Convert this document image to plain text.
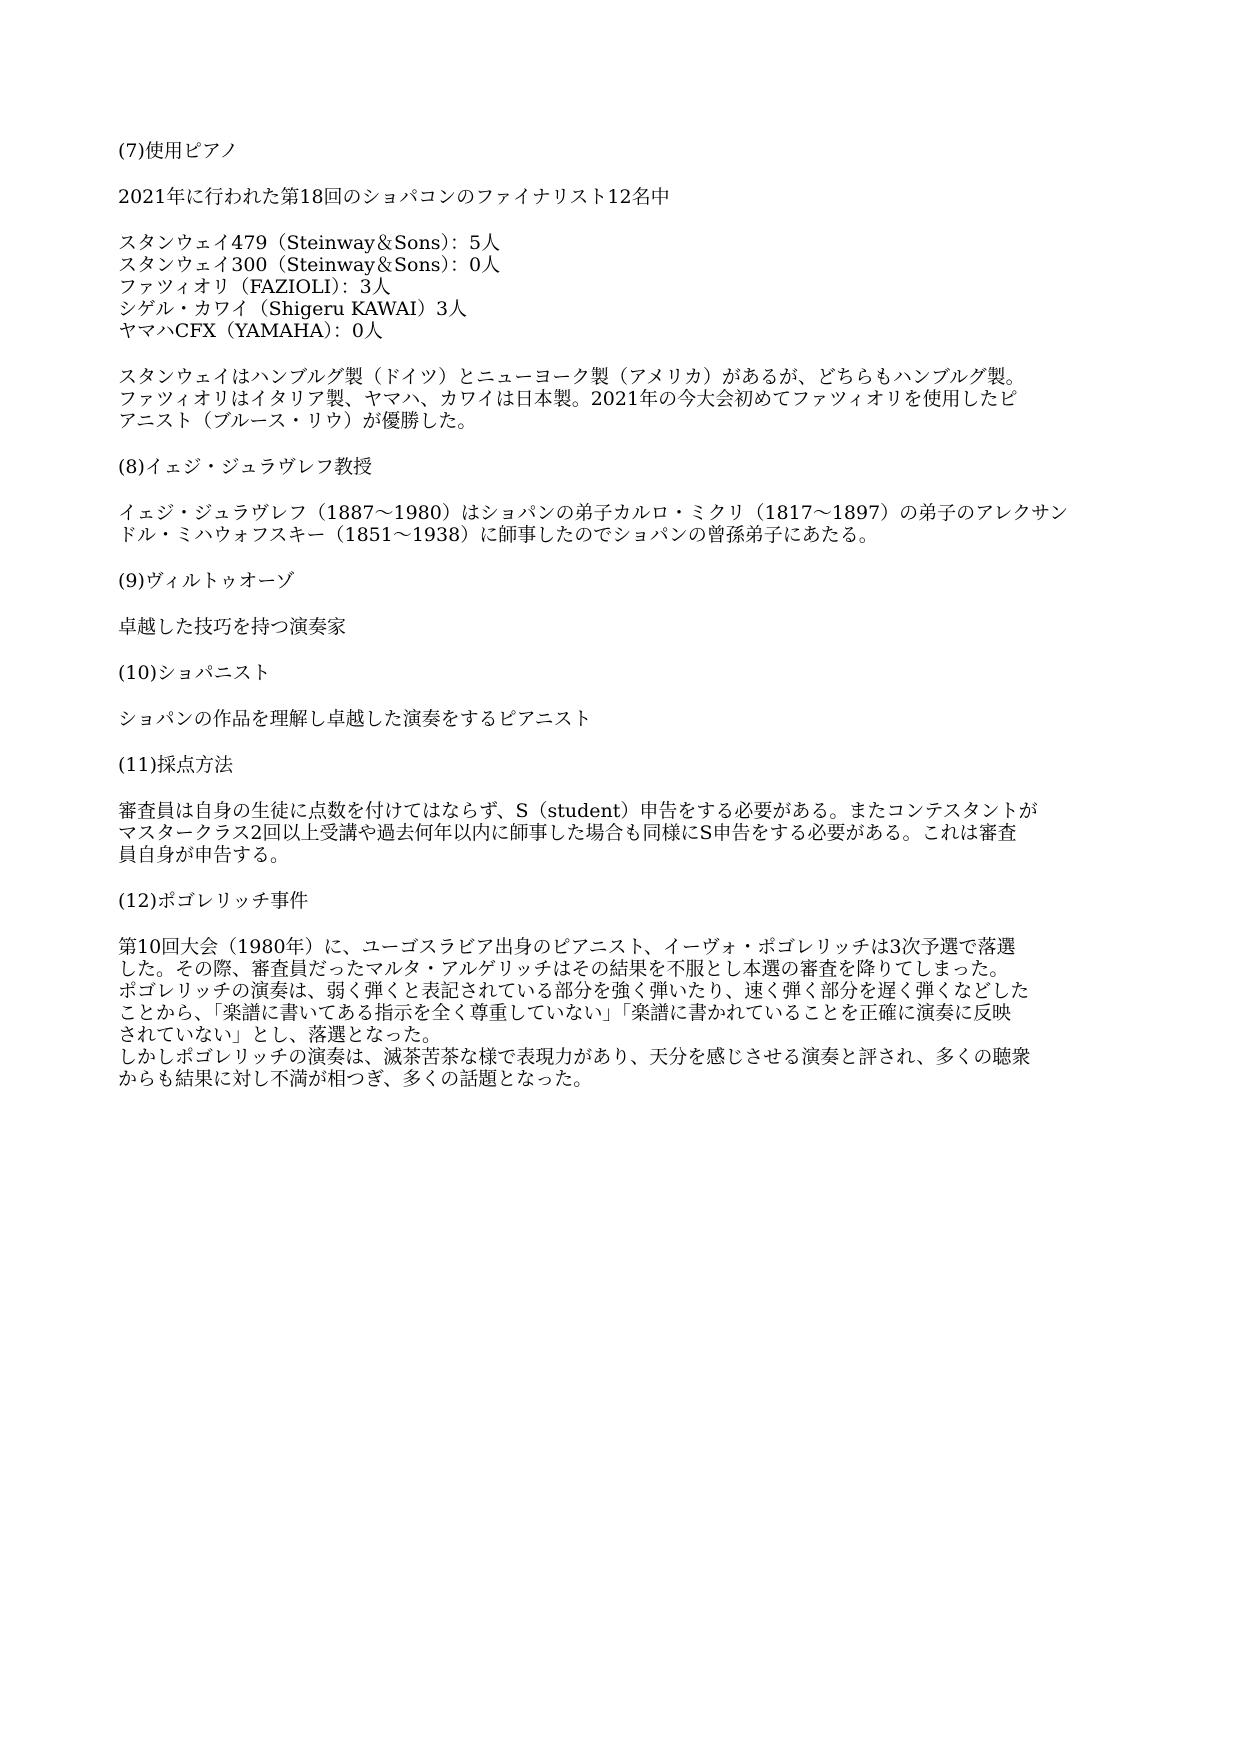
(7)使用ピアノ

2021年に行われた第18回のショパコンのファイナリスト12名中

スタンウェイ479（Steinway＆Sons）：5人
スタンウェイ300（Steinway＆Sons）：0人
ファツィオリ（FAZIOLI）：3人
シゲル・カワイ（Shigeru KAWAI）3人
ヤマハCFX（YAMAHA）：0人
スタンウェイはハンブルグ製（ドイツ）とニューヨーク製（アメリカ）があるが、どちらもハンブルグ製。
ファツィオリはイタリア製、ヤマハ、カワイは日本製。2021年の今大会初めてファツィオリを使用したピ
アニスト（ブルース・リウ）が優勝した。

(8)イェジ・ジュラヴレフ教授

イェジ・ジュラヴレフ（1887〜1980）はショパンの弟子カルロ・ミクリ（1817〜1897）の弟子のアレクサン
ドル・ミハウォフスキー（1851〜1938）に師事したのでショパンの曾孫弟子にあたる。

(9)ヴィルトゥオーゾ

卓越した技巧を持つ演奏家

(10)ショパニスト

ショパンの作品を理解し卓越した演奏をするピアニスト

(11)採点方法

審査員は自身の生徒に点数を付けてはならず、S（student）申告をする必要がある。またコンテスタントが
マスタークラス2回以上受講や過去何年以内に師事した場合も同様にS申告をする必要がある。これは審査
員自身が申告する。

(12)ポゴレリッチ事件

第10回大会（1980年）に、ユーゴスラビア出身のピアニスト、イーヴォ・ポゴレリッチは3次予選で落選
した。その際、審査員だったマルタ・アルゲリッチはその結果を不服とし本選の審査を降りてしまった。
ポゴレリッチの演奏は、弱く弾くと表記されている部分を強く弾いたり、速く弾く部分を遅く弾くなどした
ことから、「楽譜に書いてある指示を全く尊重していない」「楽譜に書かれていることを正確に演奏に反映
されていない」とし、落選となった。
しかしポゴレリッチの演奏は、滅茶苦茶な様で表現力があり、天分を感じさせる演奏と評され、多くの聴衆
からも結果に対し不満が相つぎ、多くの話題となった。
